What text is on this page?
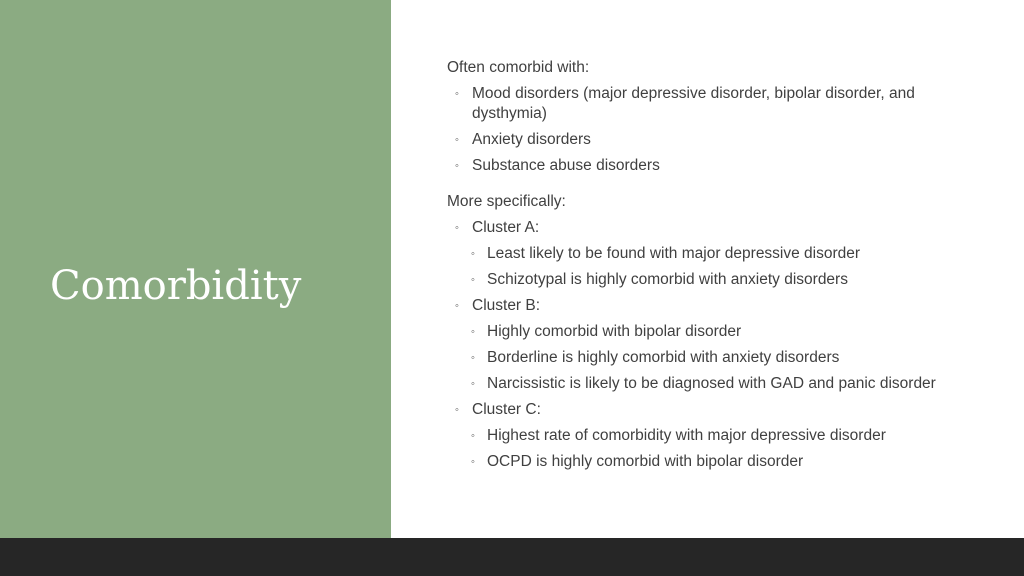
Comorbidity

Often comorbid with:

◦ Mood disorders (major depressive disorder, bipolar disorder, and dysthymia)
◦ Anxiety disorders
◦ Substance abuse disorders

More specifically:

◦ Cluster A:
◦ Least likely to be found with major depressive disorder
◦ Schizotypal is highly comorbid with anxiety disorders
◦ Cluster B:
◦ Highly comorbid with bipolar disorder
◦ Borderline is highly comorbid with anxiety disorders
◦ Narcissistic is likely to be diagnosed with GAD and panic disorder
◦ Cluster C:
◦ Highest rate of comorbidity with major depressive disorder
◦ OCPD is highly comorbid with bipolar disorder
